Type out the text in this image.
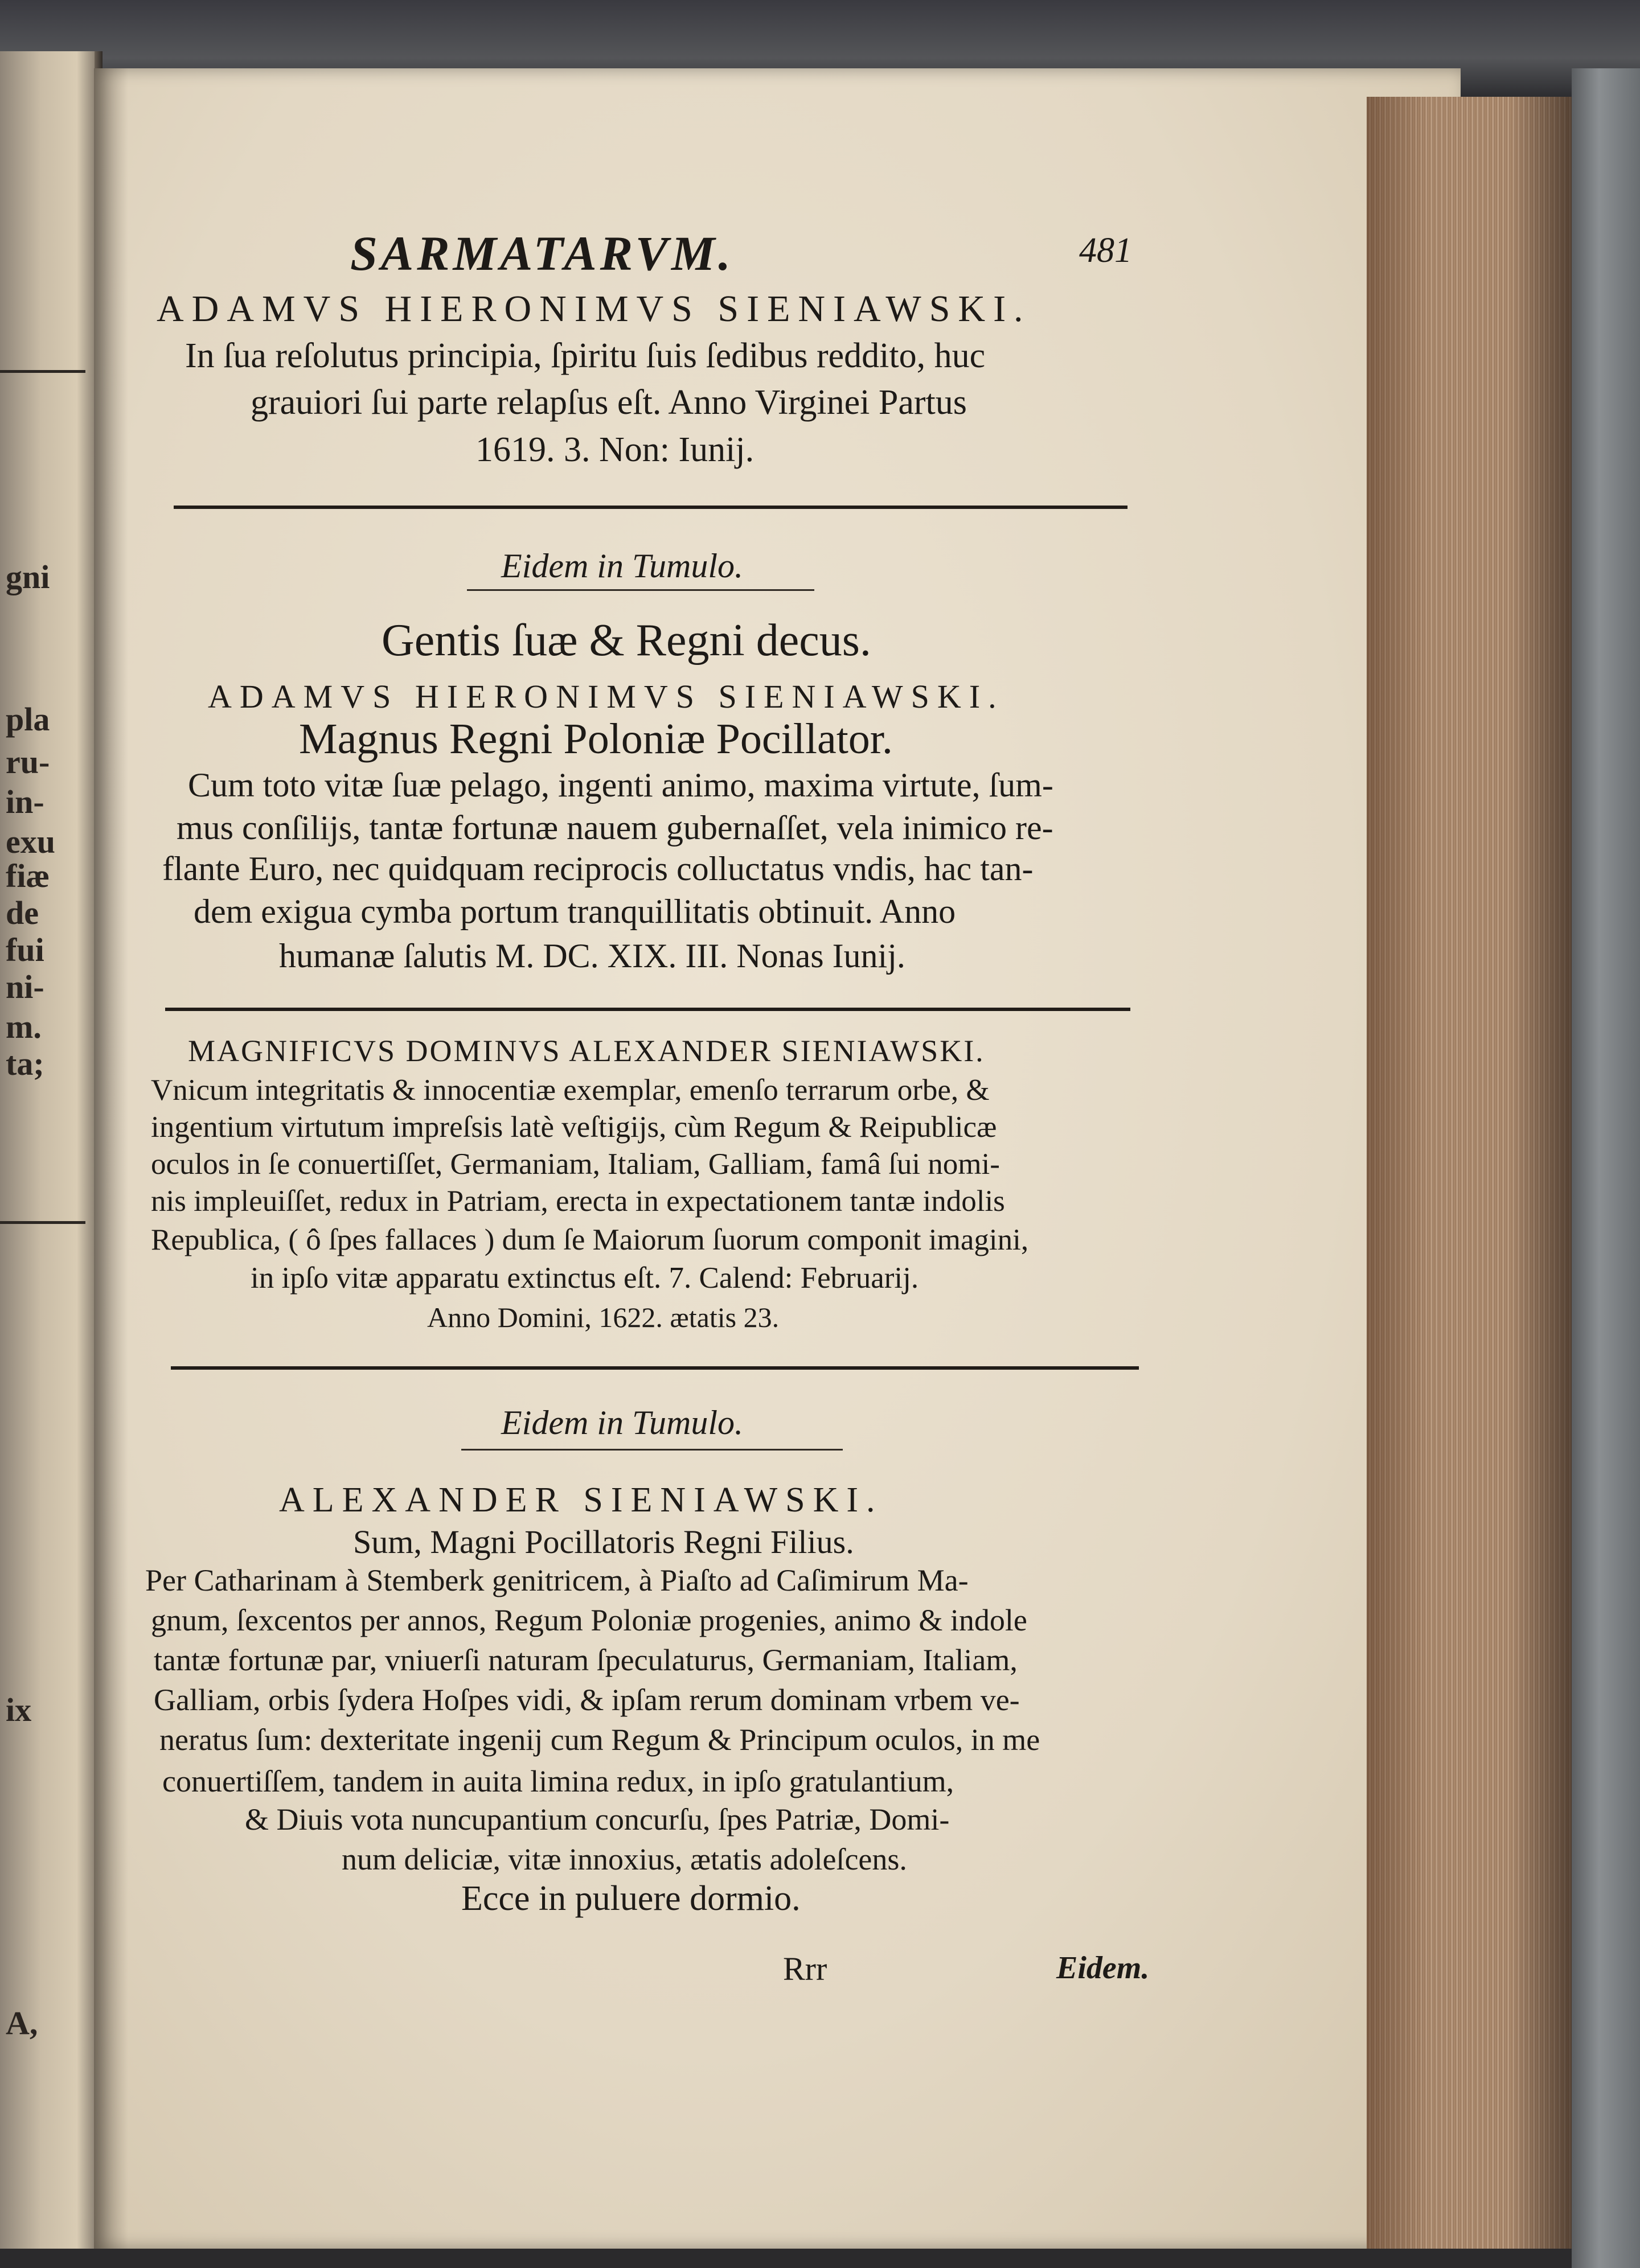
gni
pla
ru-
in-
exu
fiæ
de
fui
ni-
m.
ta;
ix
A,
SARMATARVM.	481
ADAMVS HIERONIMVS SIENIAWSKI.
In ſua reſolutus principia, ſpiritu ſuis ſedibus reddito, huc
grauiori ſui parte relapſus eſt. Anno Virginei Partus
1619. 3. Non: Iunij.
Eidem in Tumulo.
Gentis ſuæ & Regni decus.
ADAMVS HIERONIMVS SIENIAWSKI.
Magnus Regni Poloniæ Pocillator.
Cum toto vitæ ſuæ pelago, ingenti animo, maxima virtute, ſum-
mus conſilijs, tantæ fortunæ nauem gubernaſſet, vela inimico re-
flante Euro, nec quidquam reciprocis colluctatus vndis, hac tan-
dem exigua cymba portum tranquillitatis obtinuit. Anno
humanæ ſalutis M. DC. XIX. III. Nonas Iunij.
MAGNIFICVS DOMINVS ALEXANDER SIENIAWSKI.
Vnicum integritatis & innocentiæ exemplar, emenſo terrarum orbe, &
ingentium virtutum impreſsis latè veſtigijs, cùm Regum & Reipublicæ
oculos in ſe conuertiſſet, Germaniam, Italiam, Galliam, famâ ſui nomi-
nis impleuiſſet, redux in Patriam, erecta in expectationem tantæ indolis
Republica, ( ô ſpes fallaces ) dum ſe Maiorum ſuorum componit imagini,
in ipſo vitæ apparatu extinctus eſt. 7. Calend: Februarij.
Anno Domini, 1622. ætatis 23.
Eidem in Tumulo.
ALEXANDER SIENIAWSKI.
Sum, Magni Pocillatoris Regni Filius.
Per Catharinam à Stemberk genitricem, à Piaſto ad Caſimirum Ma-
gnum, ſexcentos per annos, Regum Poloniæ progenies, animo & indole
tantæ fortunæ par, vniuerſi naturam ſpeculaturus, Germaniam, Italiam,
Galliam, orbis ſydera Hoſpes vidi, & ipſam rerum dominam vrbem ve-
neratus ſum: dexteritate ingenij cum Regum & Principum oculos, in me
conuertiſſem, tandem in auita limina redux, in ipſo gratulantium,
& Diuis vota nuncupantium concurſu, ſpes Patriæ, Domi-
num deliciæ, vitæ innoxius, ætatis adoleſcens.
Ecce in puluere dormio.
Rrr	Eidem.
